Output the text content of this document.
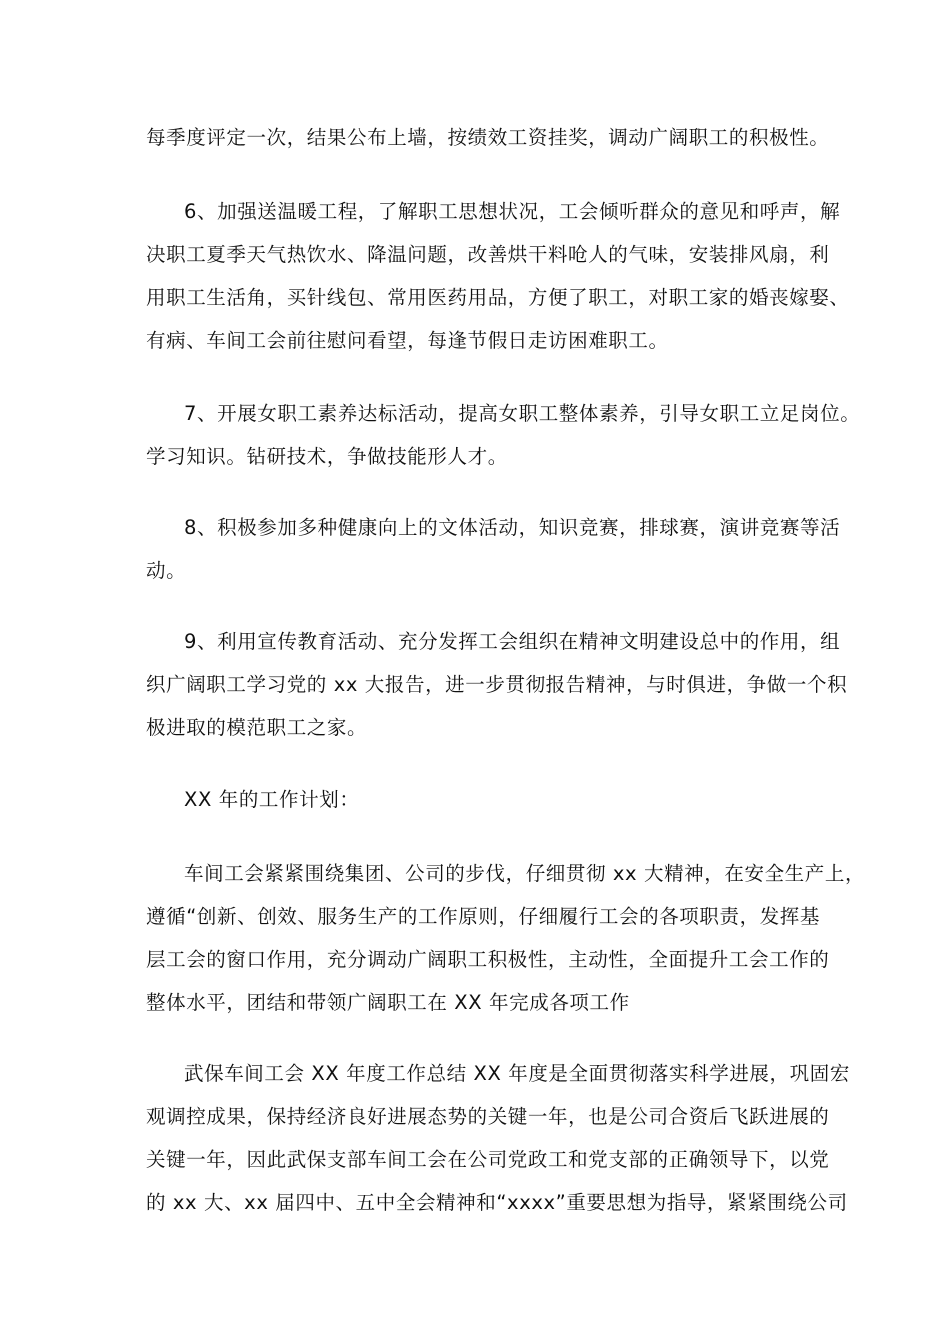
每季度评定一次，结果公布上墙，按绩效工资挂奖，调动广阔职工的积极性。
6、加强送温暖工程，了解职工思想状况，工会倾听群众的意见和呼声，解
决职工夏季天气热饮水、降温问题，改善烘干料呛人的气味，安装排风扇，利
用职工生活角，买针线包、常用医药用品，方便了职工，对职工家的婚丧嫁娶、
有病、车间工会前往慰问看望，每逢节假日走访困难职工。
7、开展女职工素养达标活动，提高女职工整体素养，引导女职工立足岗位。
学习知识。钻研技术，争做技能形人才。
8、积极参加多种健康向上的文体活动，知识竞赛，排球赛，演讲竞赛等活
动。
9、利用宣传教育活动、充分发挥工会组织在精神文明建设总中的作用，组
织广阔职工学习党的 xx 大报告，进一步贯彻报告精神，与时俱进，争做一个积
极进取的模范职工之家。
XX 年的工作计划：
车间工会紧紧围绕集团、公司的步伐，仔细贯彻 xx 大精神，在安全生产上，
遵循“创新、创效、服务生产的工作原则，仔细履行工会的各项职责，发挥基
层工会的窗口作用，充分调动广阔职工积极性，主动性，全面提升工会工作的
整体水平，团结和带领广阔职工在 XX 年完成各项工作
武保车间工会 XX 年度工作总结 XX 年度是全面贯彻落实科学进展，巩固宏
观调控成果，保持经济良好进展态势的关键一年，也是公司合资后飞跃进展的
关键一年，因此武保支部车间工会在公司党政工和党支部的正确领导下，以党
的 xx 大、xx 届四中、五中全会精神和“xxxx”重要思想为指导，紧紧围绕公司
